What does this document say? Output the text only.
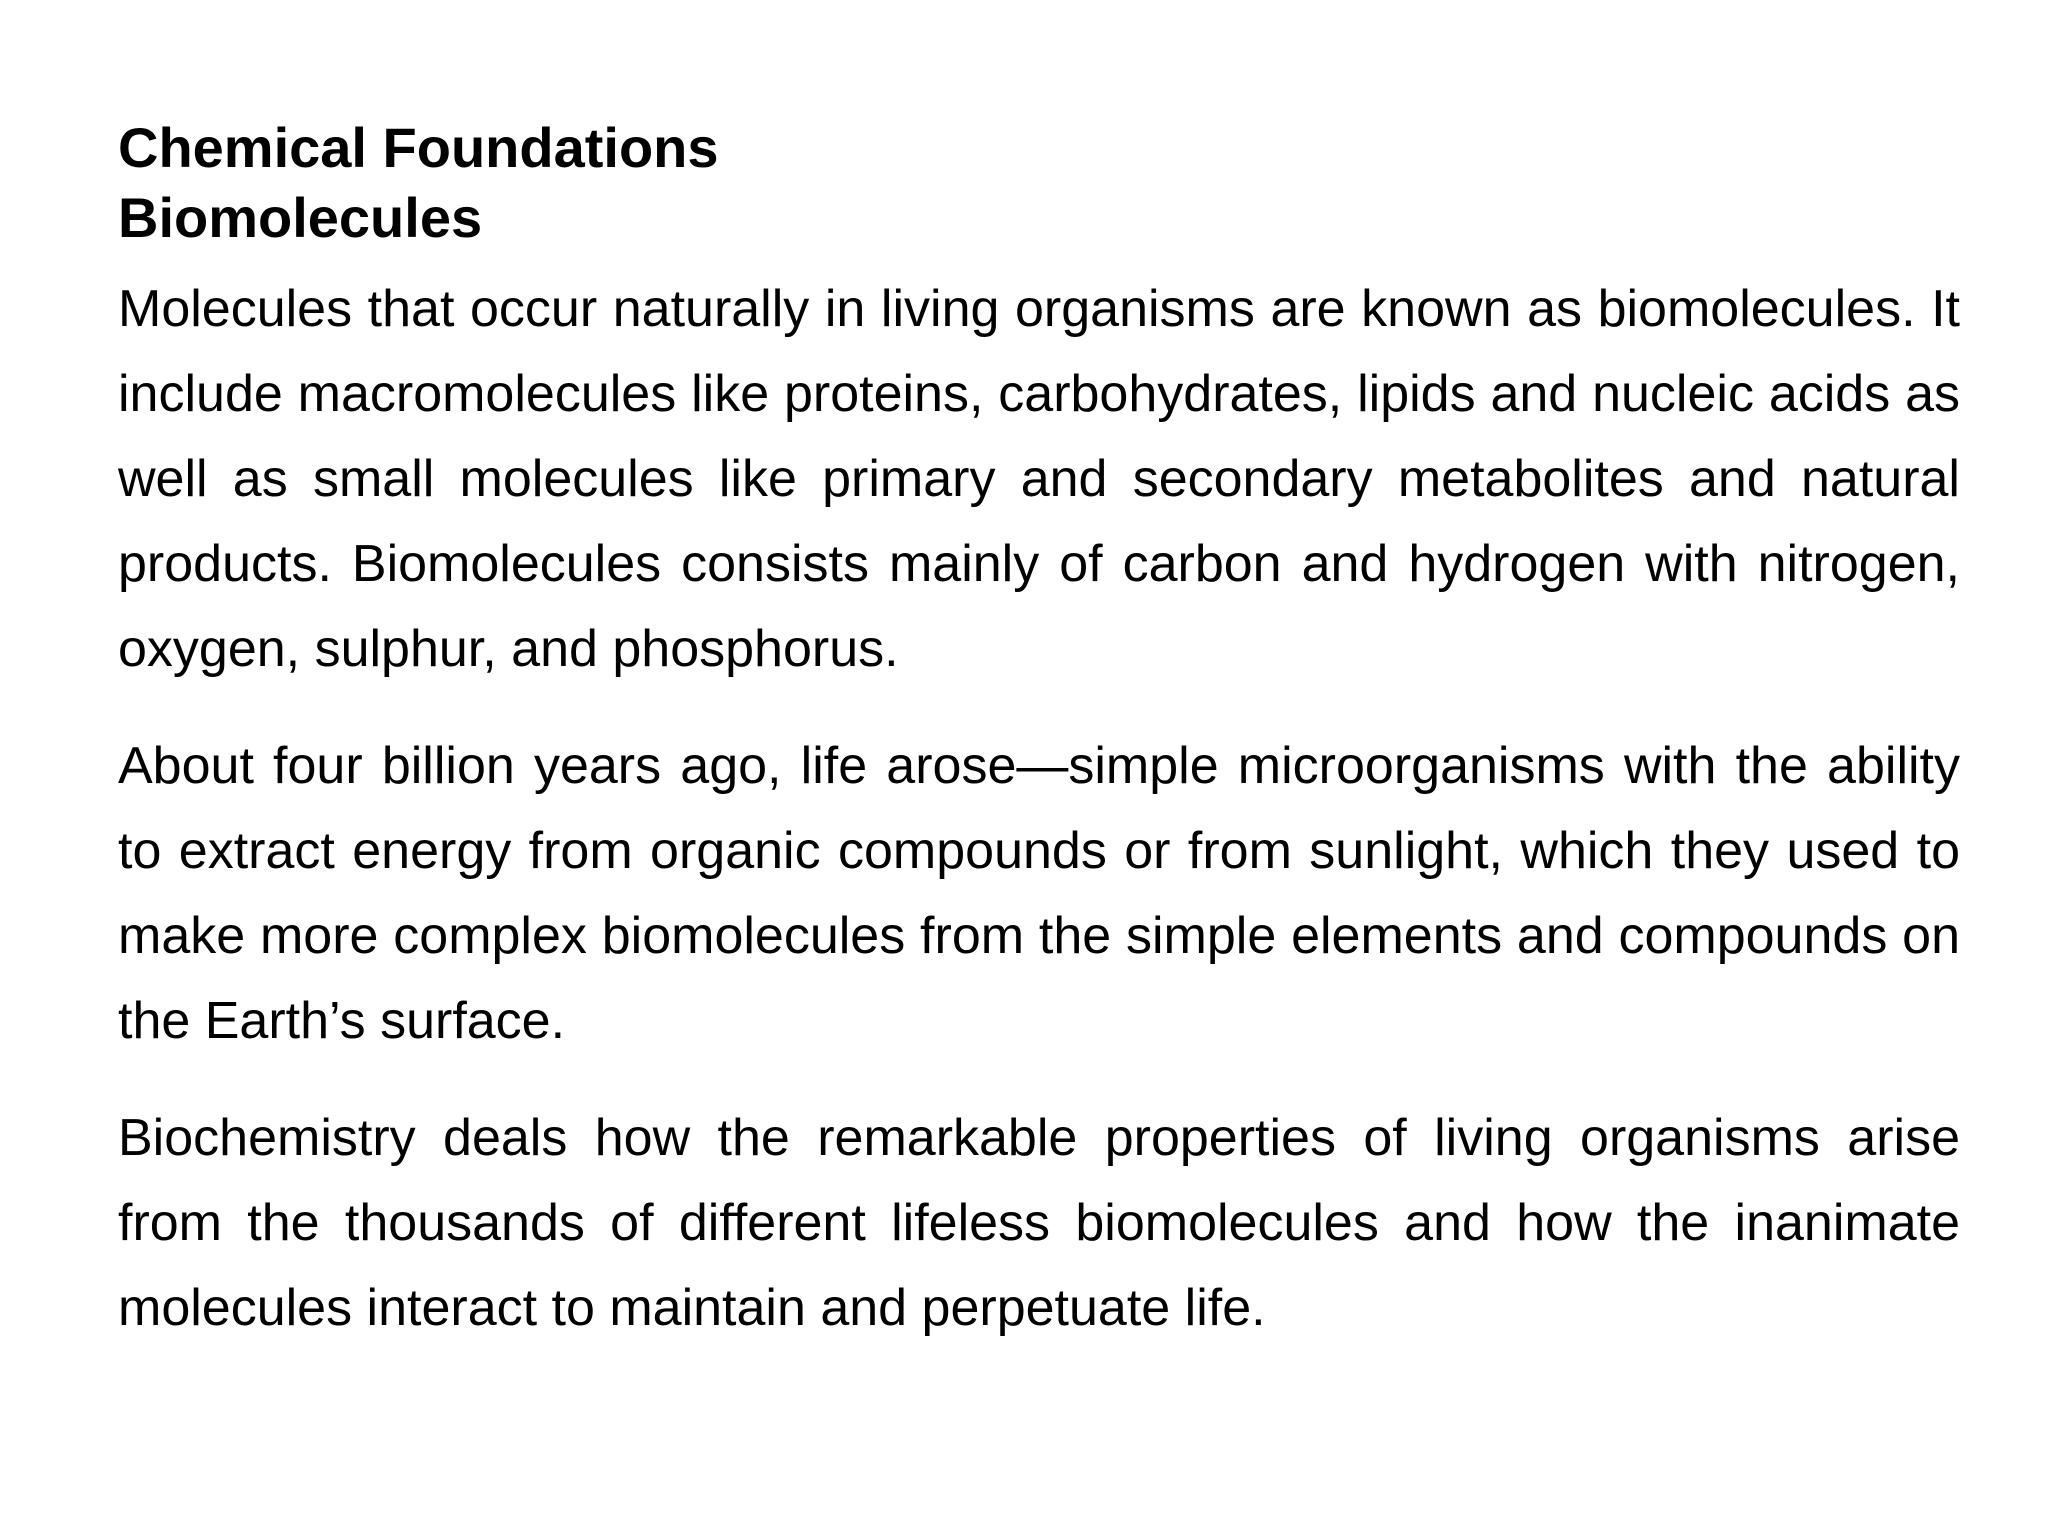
Chemical Foundations
Biomolecules

Molecules that occur naturally in living organisms are known as biomolecules. It include macromolecules like proteins, carbohydrates, lipids and nucleic acids as well as small molecules like primary and secondary metabolites and natural products. Biomolecules consists mainly of carbon and hydrogen with nitrogen, oxygen, sulphur, and phosphorus.

About four billion years ago, life arose—simple microorganisms with the ability to extract energy from organic compounds or from sunlight, which they used to make more complex biomolecules from the simple elements and compounds on the Earth’s surface.

Biochemistry deals how the remarkable properties of living organisms arise from the thousands of different lifeless biomolecules and how the inanimate molecules interact to maintain and perpetuate life.
